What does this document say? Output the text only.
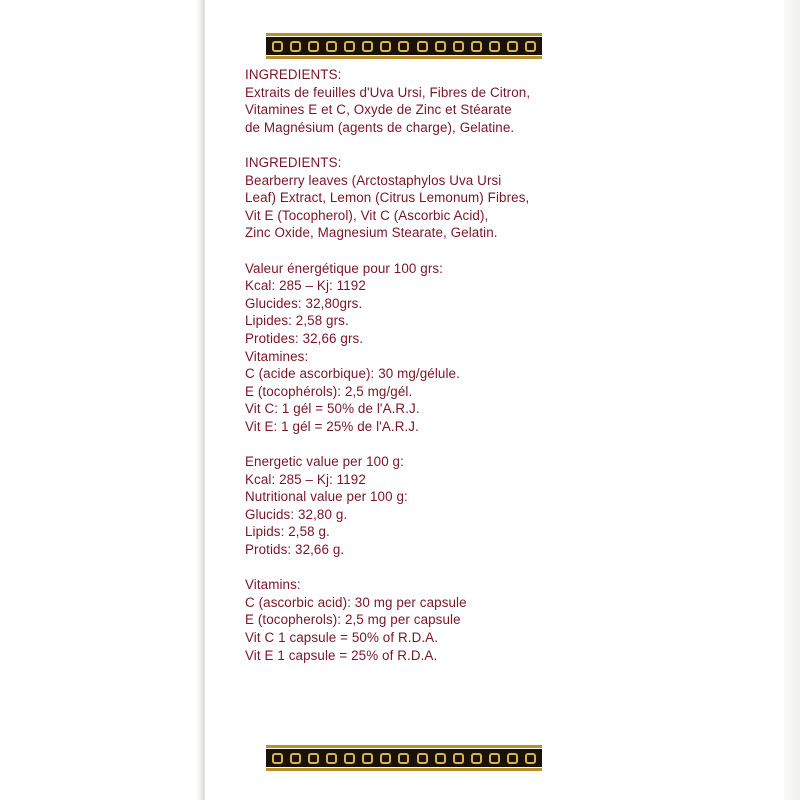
INGREDIENTS:

Extraits de feuilles d'Uva Ursi, Fibres de Citron,

Vitamines E et C, Oxyde de Zinc et Stéarate

de Magnésium (agents de charge), Gelatine.

INGREDIENTS:

Bearberry leaves (Arctostaphylos Uva Ursi

Leaf) Extract, Lemon (Citrus Lemonum) Fibres,

Vit E (Tocopherol), Vit C (Ascorbic Acid),

Zinc Oxide, Magnesium Stearate, Gelatin.

Valeur énergétique pour 100 grs:

Kcal: 285 – Kj: 1192

Glucides: 32,80grs.

Lipides: 2,58 grs.

Protides: 32,66 grs.

Vitamines:

C (acide ascorbique): 30 mg/gélule.

E (tocophérols): 2,5 mg/gél.

Vit C: 1 gél = 50% de l'A.R.J.

Vit E: 1 gél = 25% de l'A.R.J.

Energetic value per 100 g:

Kcal: 285 – Kj: 1192

Nutritional value per 100 g:

Glucids: 32,80 g.

Lipids: 2,58 g.

Protids: 32,66 g.

Vitamins:

C (ascorbic acid): 30 mg per capsule

E (tocopherols): 2,5 mg per capsule

Vit C 1 capsule = 50% of R.D.A.

Vit E 1 capsule = 25% of R.D.A.
